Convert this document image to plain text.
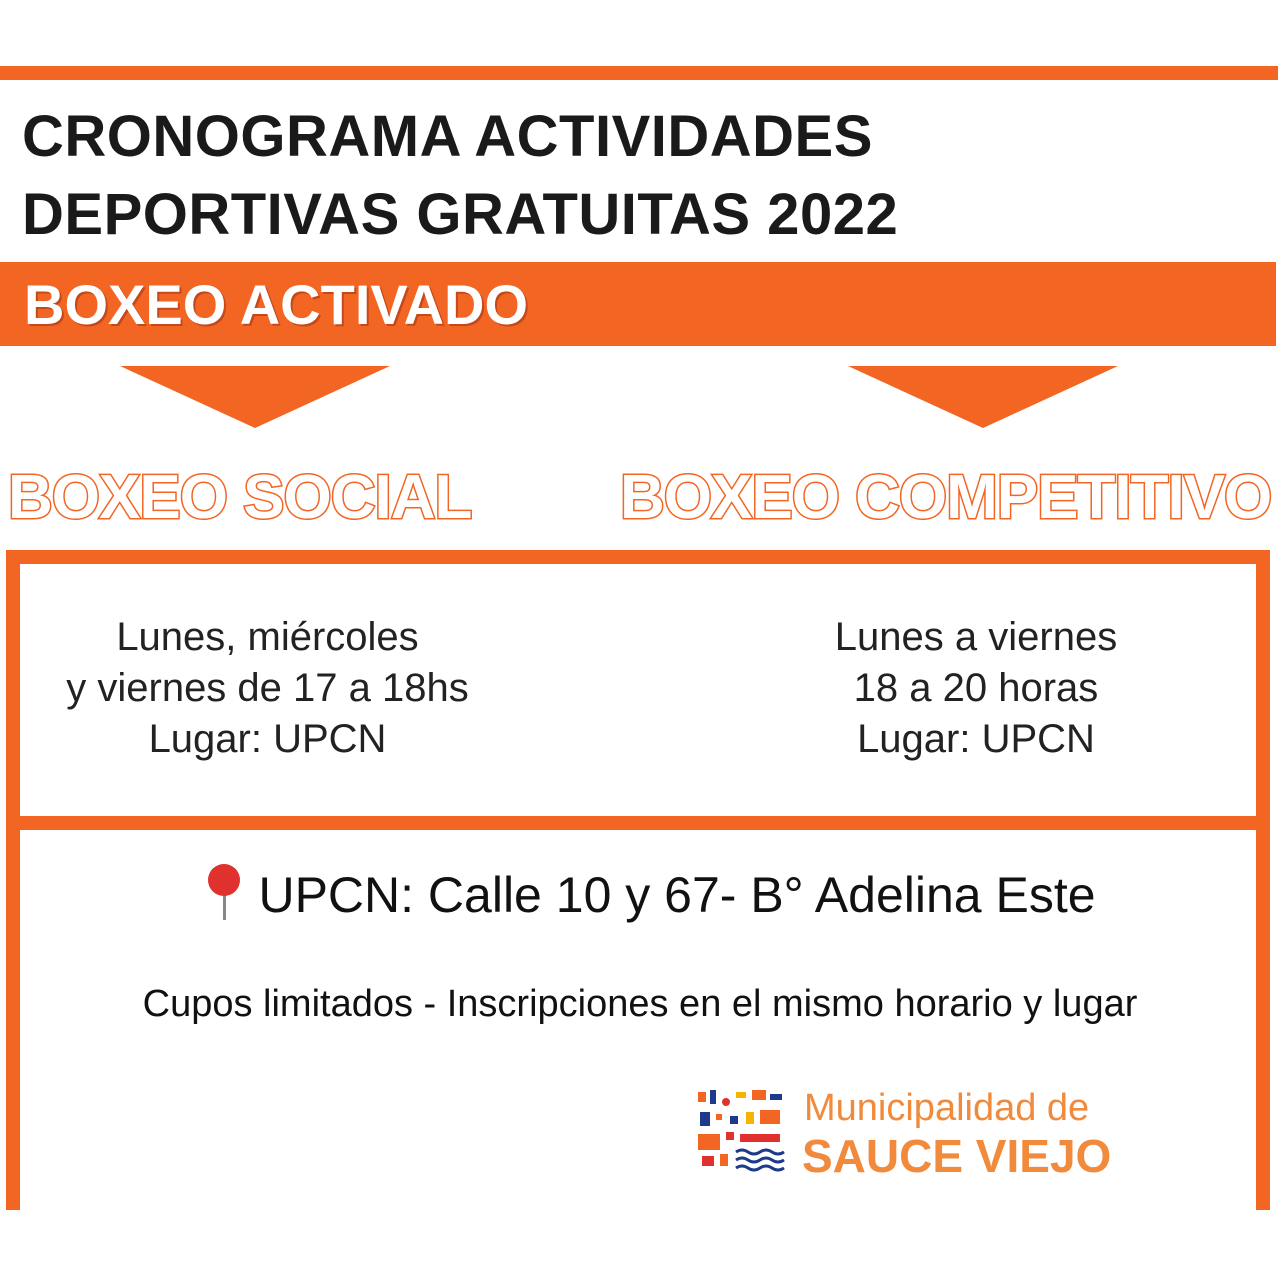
CRONOGRAMA ACTIVIDADES
DEPORTIVAS GRATUITAS 2022
BOXEO ACTIVADO
BOXEO SOCIAL BOXEO COMPETITIVO
Lunes, miércoles
y viernes de 17 a 18hs
Lugar: UPCN
Lunes a viernes
18 a 20 horas
Lugar: UPCN
UPCN: Calle 10 y 67- B° Adelina Este
Cupos limitados - Inscripciones en el mismo horario y lugar
Municipalidad de
SAUCE VIEJO
